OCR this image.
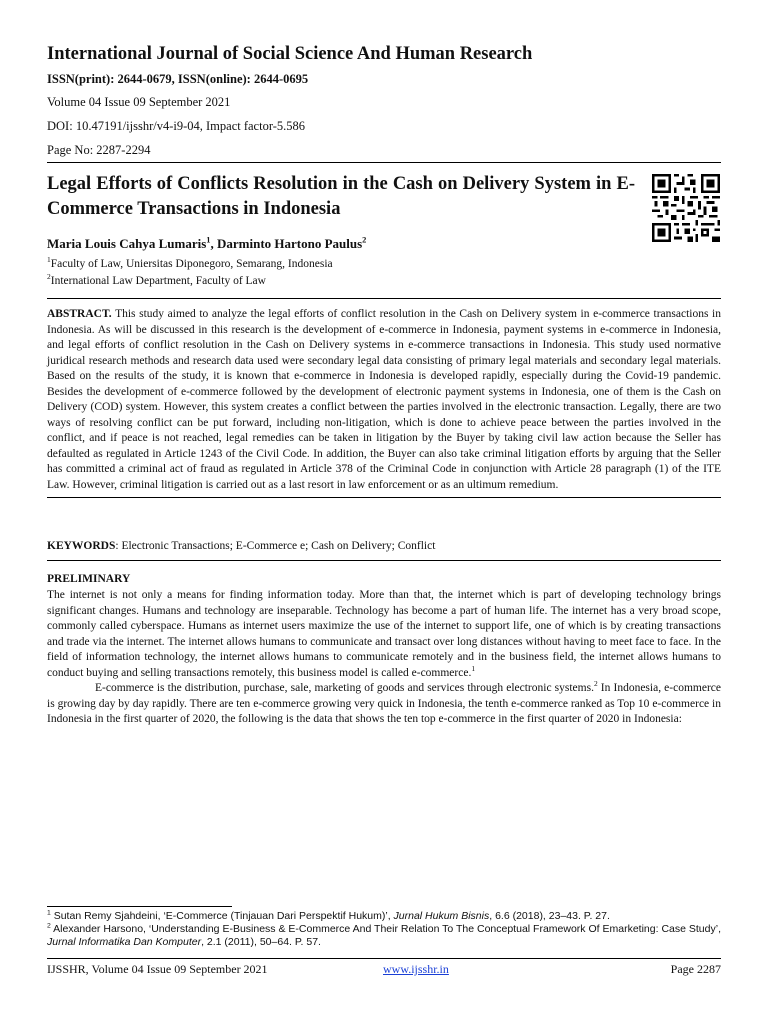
International Journal of Social Science And Human Research
ISSN(print): 2644-0679, ISSN(online): 2644-0695
Volume 04 Issue 09 September 2021
DOI: 10.47191/ijsshr/v4-i9-04, Impact factor-5.586
Page No: 2287-2294
Legal Efforts of Conflicts Resolution in the Cash on Delivery System in E-Commerce Transactions in Indonesia
Maria Louis Cahya Lumaris$^1$, Darminto Hartono Paulus$^2$
$^1$Faculty of Law, Uniersitas Diponegoro, Semarang, Indonesia
$^2$International Law Department, Faculty of Law
ABSTRACT. This study aimed to analyze the legal efforts of conflict resolution in the Cash on Delivery system in e-commerce transactions in Indonesia. As will be discussed in this research is the development of e-commerce in Indonesia, payment systems in e-commerce in Indonesia, and legal efforts of conflict resolution in the Cash on Delivery systems in e-commerce transactions in Indonesia. This study used normative juridical research methods and research data used were secondary legal data consisting of primary legal materials and secondary legal materials. Based on the results of the study, it is known that e-commerce in Indonesia is developed rapidly, especially during the Covid-19 pandemic. Besides the development of e-commerce followed by the development of electronic payment systems in Indonesia, one of them is the Cash on Delivery (COD) system. However, this system creates a conflict between the parties involved in the electronic transaction. Legally, there are two ways of resolving conflict can be put forward, including non-litigation, which is done to achieve peace between the parties involved in the conflict, and if peace is not reached, legal remedies can be taken in litigation by the Buyer by taking civil law action because the Seller has defaulted as regulated in Article 1243 of the Civil Code. In addition, the Buyer can also take criminal litigation efforts by arguing that the Seller has committed a criminal act of fraud as regulated in Article 378 of the Criminal Code in conjunction with Article 28 paragraph (1) of the ITE Law. However, criminal litigation is carried out as a last resort in law enforcement or as an ultimum remedium.
KEYWORDS: Electronic Transactions; E-Commerce e; Cash on Delivery; Conflict
PRELIMINARY

The internet is not only a means for finding information today. More than that, the internet which is part of developing technology brings significant changes. Humans and technology are inseparable. Technology has become a part of human life. The internet has a very broad scope, commonly called cyberspace. Humans as internet users maximize the use of the internet to support life, one of which is by creating transactions and trade via the internet. The internet allows humans to communicate and transact over long distances without having to meet face to face. In the field of information technology, the internet allows humans to communicate remotely and in the business field, the internet allows humans to conduct buying and selling transactions remotely, this business model is called e-commerce.$^1$

E-commerce is the distribution, purchase, sale, marketing of goods and services through electronic systems.$^2$ In Indonesia, e-commerce is growing day by day rapidly. There are ten e-commerce growing very quick in Indonesia, the tenth e-commerce ranked as Top 10 e-commerce in Indonesia in the first quarter of 2020, the following is the data that shows the ten top e-commerce in the first quarter of 2020 in Indonesia:

$^1$ Sutan Remy Sjahdeini, ‘E-Commerce (Tinjauan Dari Perspektif Hukum)’, Jurnal Hukum Bisnis, 6.6 (2018), 23–43. P. 27.

$^2$ Alexander Harsono, ‘Understanding E-Business & E-Commerce And Their Relation To The Conceptual Framework Of Emarketing: Case Study’, Jurnal Informatika Dan Komputer, 2.1 (2011), 50–64. P. 57.

IJSSHR, Volume 04 Issue 09 September 2021	www.ijsshr.in	Page 2287
